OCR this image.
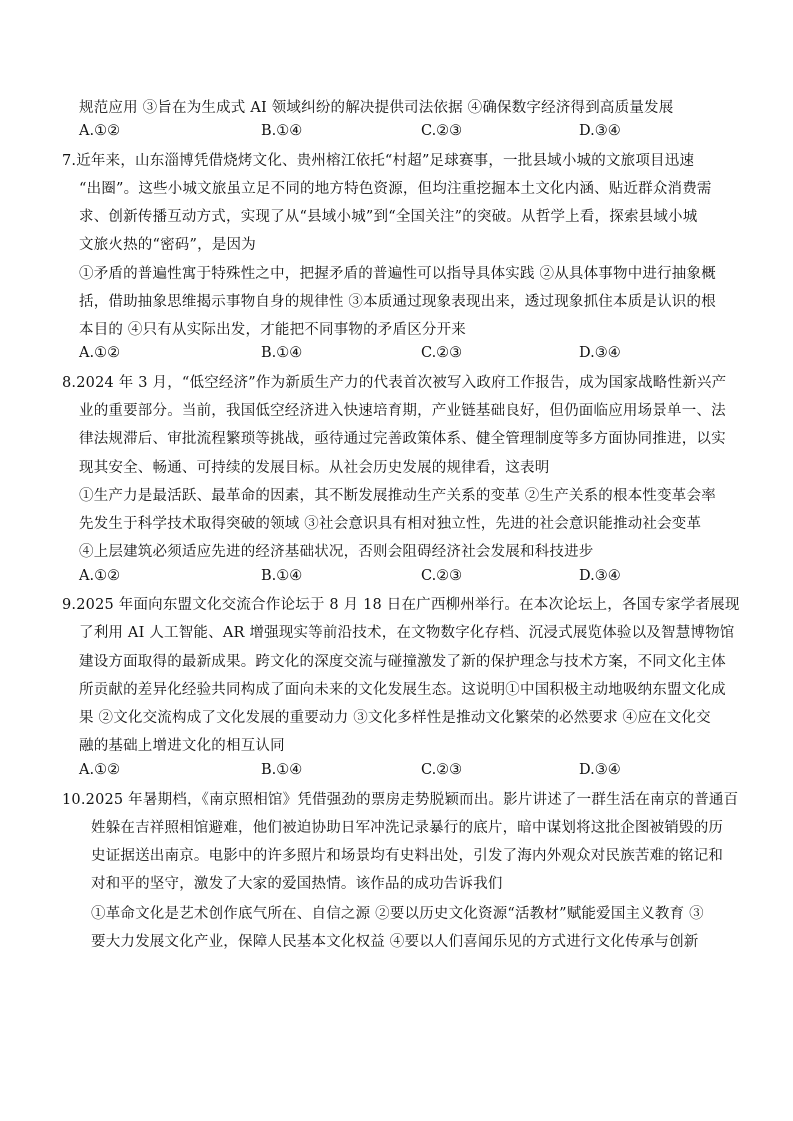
规范应用 ③旨在为生成式 AI 领域纠纷的解决提供司法依据 ④确保数字经济得到高质量发展
A.①②	B.①④	C.②③	D.③④
7.近年来，山东淄博凭借烧烤文化、贵州榕江依托“村超”足球赛事，一批县域小城的文旅项目迅速
“出圈”。这些小城文旅虽立足不同的地方特色资源，但均注重挖掘本土文化内涵、贴近群众消费需
求、创新传播互动方式，实现了从“县域小城”到“全国关注”的突破。从哲学上看，探索县域小城
文旅火热的“密码”，是因为
①矛盾的普遍性寓于特殊性之中，把握矛盾的普遍性可以指导具体实践 ②从具体事物中进行抽象概
括，借助抽象思维揭示事物自身的规律性 ③本质通过现象表现出来，透过现象抓住本质是认识的根
本目的 ④只有从实际出发，才能把不同事物的矛盾区分开来
A.①②	B.①④	C.②③	D.③④
8.2024 年 3 月，“低空经济”作为新质生产力的代表首次被写入政府工作报告，成为国家战略性新兴产
业的重要部分。当前，我国低空经济进入快速培育期，产业链基础良好，但仍面临应用场景单一、法
律法规滞后、审批流程繁琐等挑战，亟待通过完善政策体系、健全管理制度等多方面协同推进，以实
现其安全、畅通、可持续的发展目标。从社会历史发展的规律看，这表明
①生产力是最活跃、最革命的因素，其不断发展推动生产关系的变革 ②生产关系的根本性变革会率
先发生于科学技术取得突破的领域 ③社会意识具有相对独立性，先进的社会意识能推动社会变革
④上层建筑必须适应先进的经济基础状况，否则会阻碍经济社会发展和科技进步
A.①②	B.①④	C.②③	D.③④
9.2025 年面向东盟文化交流合作论坛于 8 月 18 日在广西柳州举行。在本次论坛上，各国专家学者展现
了利用 AI 人工智能、AR 增强现实等前沿技术，在文物数字化存档、沉浸式展览体验以及智慧博物馆
建设方面取得的最新成果。跨文化的深度交流与碰撞激发了新的保护理念与技术方案，不同文化主体
所贡献的差异化经验共同构成了面向未来的文化发展生态。这说明①中国积极主动地吸纳东盟文化成
果 ②文化交流构成了文化发展的重要动力 ③文化多样性是推动文化繁荣的必然要求 ④应在文化交
融的基础上增进文化的相互认同
A.①②	B.①④	C.②③	D.③④
10.2025 年暑期档，《南京照相馆》凭借强劲的票房走势脱颖而出。影片讲述了一群生活在南京的普通百
姓躲在吉祥照相馆避难，他们被迫协助日军冲洗记录暴行的底片，暗中谋划将这批企图被销毁的历
史证据送出南京。电影中的许多照片和场景均有史料出处，引发了海内外观众对民族苦难的铭记和
对和平的坚守，激发了大家的爱国热情。该作品的成功告诉我们
①革命文化是艺术创作底气所在、自信之源 ②要以历史文化资源“活教材”赋能爱国主义教育 ③
要大力发展文化产业，保障人民基本文化权益 ④要以人们喜闻乐见的方式进行文化传承与创新
